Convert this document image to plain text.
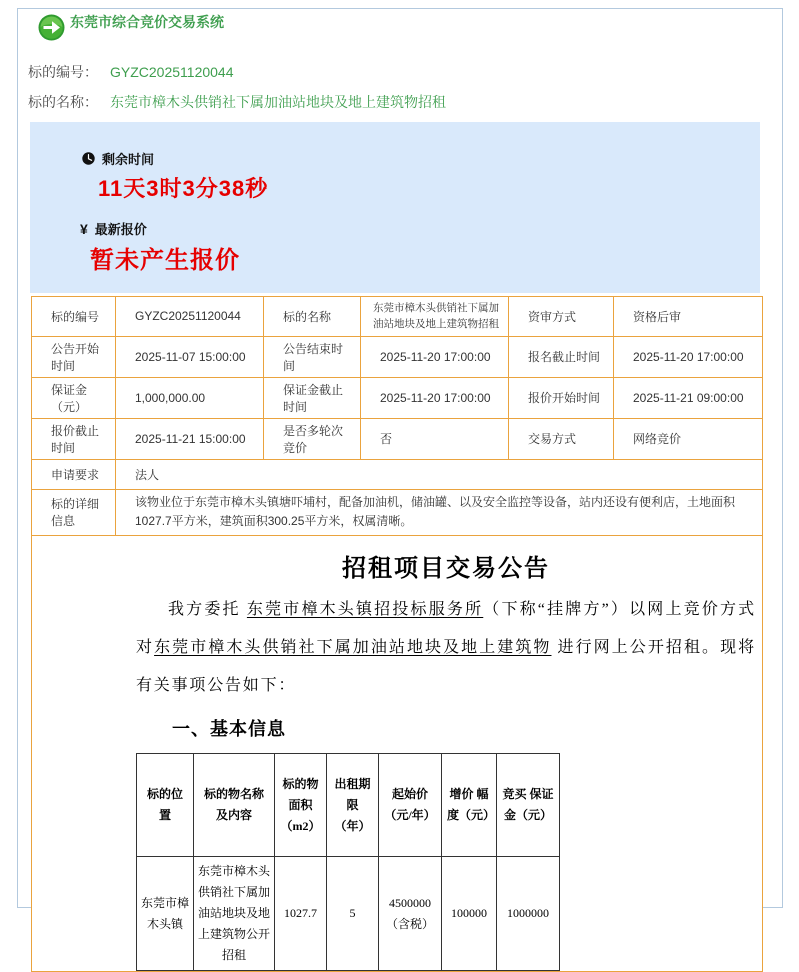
东莞市综合竞价交易系统
标的编号： GYZC20251120044
标的名称： 东莞市樟木头供销社下属加油站地块及地上建筑物招租
剩余时间
11天3时3分38秒
¥ 最新报价
暂未产生报价
标的编号	GYZC20251120044	标的名称	东莞市樟木头供销社下属加油站地块及地上建筑物招租	资审方式	资格后审
公告开始时间	2025-11-07 15:00:00	公告结束时间	2025-11-20 17:00:00	报名截止时间	2025-11-20 17:00:00
保证金（元）	1,000,000.00	保证金截止时间	2025-11-20 17:00:00	报价开始时间	2025-11-21 09:00:00
报价截止时间	2025-11-21 15:00:00	是否多轮次竞价	否	交易方式	网络竞价
申请要求	法人
标的详细信息	该物业位于东莞市樟木头镇塘吓埔村，配备加油机，储油罐、以及安全监控等设备，站内还设有便利店，土地面积1027.7平方米，建筑面积300.25平方米，权属清晰。

招租项目交易公告

我方委托 东莞市樟木头镇招投标服务所（下称“挂牌方”）以网上竞价方式对东莞市樟木头供销社下属加油站地块及地上建筑物 进行网上公开招租。现将有关事项公告如下：

一、基本信息
标的位置	标的物名称及内容	标的物面积（m2）	出租期限（年）	起始价（元/年）	增价 幅度（元）	竞买 保证金（元）
东莞市樟木头镇	东莞市樟木头供销社下属加油站地块及地上建筑物公开招租	1027.7	5	4500000 （含税）	100000	1000000
